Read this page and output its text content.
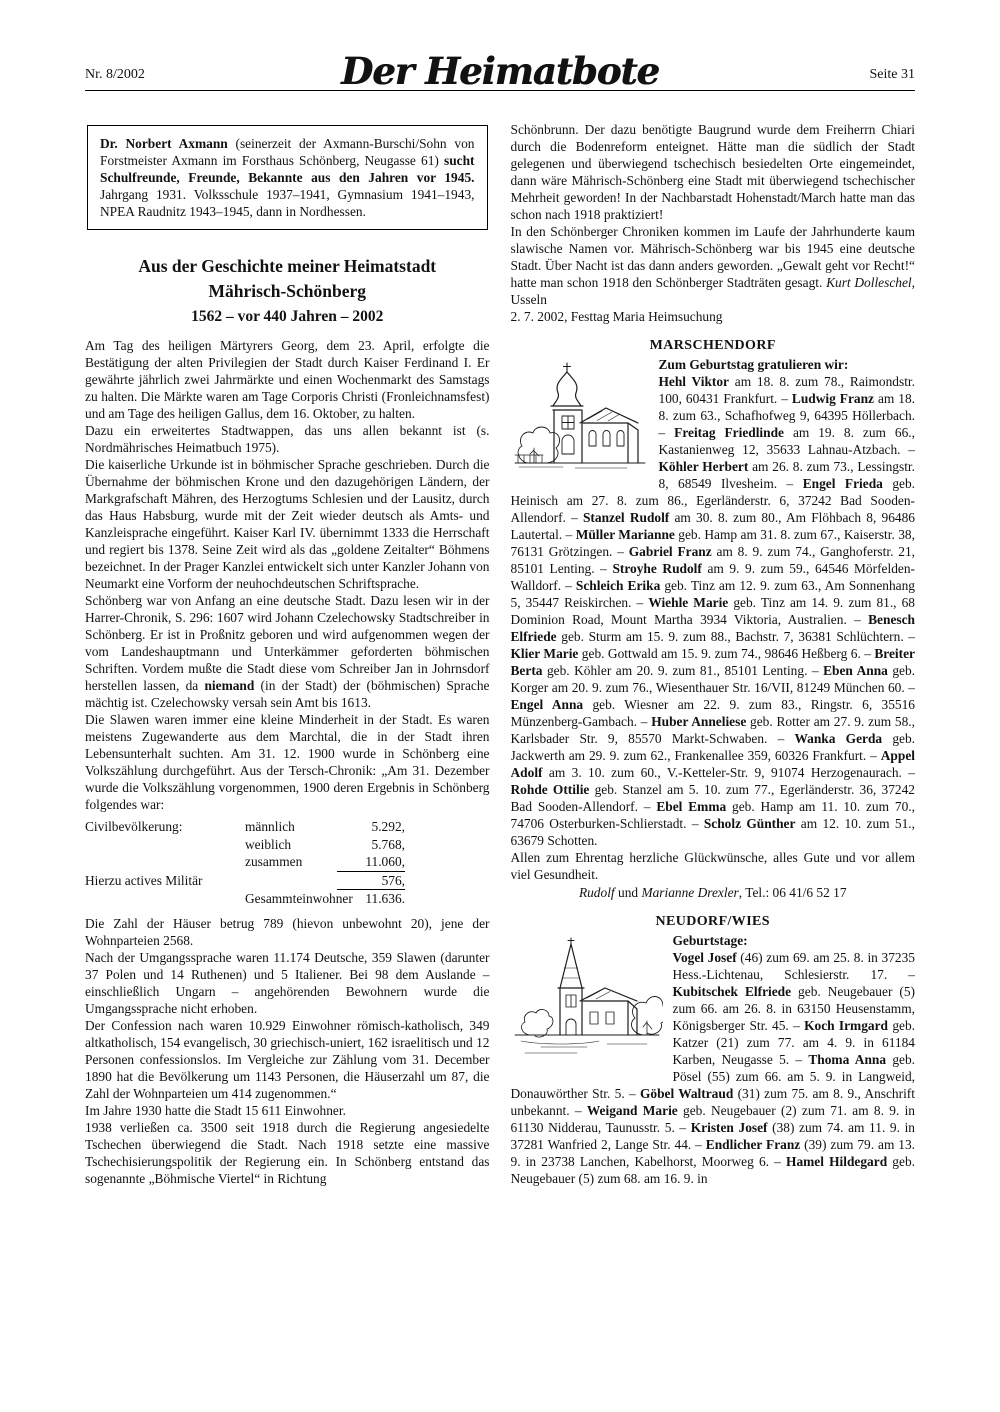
Nr. 8/2002	Der Heimatbote	Seite 31

Dr. Norbert Axmann (seinerzeit der Axmann-Burschi/Sohn von Forstmeister Axmann im Forsthaus Schönberg, Neugasse 61) sucht Schulfreunde, Freunde, Bekannte aus den Jahren vor 1945. Jahrgang 1931. Volksschule 1937–1941, Gymnasium 1941–1943, NPEA Raudnitz 1943–1945, dann in Nordhessen.

Aus der Geschichte meiner Heimatstadt
Mährisch-Schönberg
1562 – vor 440 Jahren – 2002

Am Tag des heiligen Märtyrers Georg, dem 23. April, erfolgte die Bestätigung der alten Privilegien der Stadt durch Kaiser Ferdinand I. Er gewährte jährlich zwei Jahrmärkte und einen Wochenmarkt des Samstags zu halten. Die Märkte waren am Tage Corporis Christi (Fronleichnamsfest) und am Tage des heiligen Gallus, dem 16. Oktober, zu halten.

Dazu ein erweitertes Stadtwappen, das uns allen bekannt ist (s. Nordmährisches Heimatbuch 1975).

Die kaiserliche Urkunde ist in böhmischer Sprache geschrieben. Durch die Übernahme der böhmischen Krone und den dazugehörigen Ländern, der Markgrafschaft Mähren, des Herzogtums Schlesien und der Lausitz, durch das Haus Habsburg, wurde mit der Zeit wieder deutsch als Amts- und Kanzleisprache eingeführt. Kaiser Karl IV. übernimmt 1333 die Herrschaft und regiert bis 1378. Seine Zeit wird als das „goldene Zeitalter“ Böhmens bezeichnet. In der Prager Kanzlei entwickelt sich unter Kanzler Johann von Neumarkt eine Vorform der neuhochdeutschen Schriftsprache.

Schönberg war von Anfang an eine deutsche Stadt. Dazu lesen wir in der Harrer-Chronik, S. 296: 1607 wird Johann Czelechowsky Stadtschreiber in Schönberg. Er ist in Proßnitz geboren und wird aufgenommen wegen der vom Landeshauptmann und Unterkämmer geforderten böhmischen Schriften. Vordem mußte die Stadt diese vom Schreiber Jan in Johrnsdorf herstellen lassen, da niemand (in der Stadt) der (böhmischen) Sprache mächtig ist. Czelechowsky versah sein Amt bis 1613.

Die Slawen waren immer eine kleine Minderheit in der Stadt. Es waren meistens Zugewanderte aus dem Marchtal, die in der Stadt ihren Lebensunterhalt suchten. Am 31. 12. 1900 wurde in Schönberg eine Volkszählung durchgeführt. Aus der Tersch-Chronik: „Am 31. Dezember wurde die Volkszählung vorgenommen, 1900 deren Ergebnis in Schönberg folgendes war:

Civilbevölkerung:	männlich	5.292,
	weiblich	5.768,
	zusammen	11.060,
Hierzu actives Militär		576,
	Gesammteinwohner	11.636.

Die Zahl der Häuser betrug 789 (hievon unbewohnt 20), jene der Wohnparteien 2568.

Nach der Umgangssprache waren 11.174 Deutsche, 359 Slawen (darunter 37 Polen und 14 Ruthenen) und 5 Italiener. Bei 98 dem Auslande – einschließlich Ungarn – angehörenden Bewohnern wurde die Umgangssprache nicht erhoben.

Der Confession nach waren 10.929 Einwohner römisch-katholisch, 349 altkatholisch, 154 evangelisch, 30 griechisch-uniert, 162 israelitisch und 12 Personen confessionslos. Im Vergleiche zur Zählung vom 31. December 1890 hat die Bevölkerung um 1143 Personen, die Häuserzahl um 87, die Zahl der Wohnparteien um 414 zugenommen.“

Im Jahre 1930 hatte die Stadt 15 611 Einwohner.

1938 verließen ca. 3500 seit 1918 durch die Regierung angesiedelte Tschechen überwiegend die Stadt. Nach 1918 setzte eine massive Tschechisierungspolitik der Regierung ein. In Schönberg entstand das sogenannte „Böhmische Viertel“ in Richtung

Schönbrunn. Der dazu benötigte Baugrund wurde dem Freiherrn Chiari durch die Bodenreform enteignet. Hätte man die südlich der Stadt gelegenen und überwiegend tschechisch besiedelten Orte eingemeindet, dann wäre Mährisch-Schönberg eine Stadt mit überwiegend tschechischer Mehrheit geworden! In der Nachbarstadt Hohenstadt/March hatte man das schon nach 1918 praktiziert!

In den Schönberger Chroniken kommen im Laufe der Jahrhunderte kaum slawische Namen vor. Mährisch-Schönberg war bis 1945 eine deutsche Stadt. Über Nacht ist das dann anders geworden. „Gewalt geht vor Recht!“ hatte man schon 1918 den Schönberger Stadträten gesagt. Kurt Dolleschel, Usseln

2. 7. 2002, Festtag Maria Heimsuchung

MARSCHENDORF

Zum Geburtstag gratulieren wir:

Hehl Viktor am 18. 8. zum 78., Raimondstr. 100, 60431 Frankfurt. – Ludwig Franz am 18. 8. zum 63., Schafhofweg 9, 64395 Höllerbach. – Freitag Friedlinde am 19. 8. zum 66., Kastanienweg 12, 35633 Lahnau-Atzbach. – Köhler Herbert am 26. 8. zum 73., Lessingstr. 8, 68549 Ilvesheim. – Engel Frieda geb. Heinisch am 27. 8. zum 86., Egerländerstr. 6, 37242 Bad Sooden-Allendorf. – Stanzel Rudolf am 30. 8. zum 80., Am Flöhbach 8, 96486 Lautertal. – Müller Marianne geb. Hamp am 31. 8. zum 67., Kaiserstr. 38, 76131 Grötzingen. – Gabriel Franz am 8. 9. zum 74., Ganghoferstr. 21, 85101 Lenting. – Stroyhe Rudolf am 9. 9. zum 59., 64546 Mörfelden-Walldorf. – Schleich Erika geb. Tinz am 12. 9. zum 63., Am Sonnenhang 5, 35447 Reiskirchen. – Wiehle Marie geb. Tinz am 14. 9. zum 81., 68 Dominion Road, Mount Martha 3934 Viktoria, Australien. – Benesch Elfriede geb. Sturm am 15. 9. zum 88., Bachstr. 7, 36381 Schlüchtern. – Klier Marie geb. Gottwald am 15. 9. zum 74., 98646 Heßberg 6. – Breiter Berta geb. Köhler am 20. 9. zum 81., 85101 Lenting. – Eben Anna geb. Korger am 20. 9. zum 76., Wiesenthauer Str. 16/VII, 81249 München 60. – Engel Anna geb. Wiesner am 22. 9. zum 83., Ringstr. 6, 35516 Münzenberg-Gambach. – Huber Anneliese geb. Rotter am 27. 9. zum 58., Karlsbader Str. 9, 85570 Markt-Schwaben. – Wanka Gerda geb. Jackwerth am 29. 9. zum 62., Frankenallee 359, 60326 Frankfurt. – Appel Adolf am 3. 10. zum 60., V.-Ketteler-Str. 9, 91074 Herzogenaurach. – Rohde Ottilie geb. Stanzel am 5. 10. zum 77., Egerländerstr. 36, 37242 Bad Sooden-Allendorf. – Ebel Emma geb. Hamp am 11. 10. zum 70., 74706 Osterburken-Schlierstadt. – Scholz Günther am 12. 10. zum 51., 63679 Schotten.

Allen zum Ehrentag herzliche Glückwünsche, alles Gute und vor allem viel Gesundheit.

Rudolf und Marianne Drexler, Tel.: 06 41/6 52 17

NEUDORF/WIES

Geburtstage:

Vogel Josef (46) zum 69. am 25. 8. in 37235 Hess.-Lichtenau, Schlesierstr. 17. – Kubitschek Elfriede geb. Neugebauer (5) zum 66. am 26. 8. in 63150 Heusenstamm, Königsberger Str. 45. – Koch Irmgard geb. Katzer (21) zum 77. am 4. 9. in 61184 Karben, Neugasse 5. – Thoma Anna geb. Pösel (55) zum 66. am 5. 9. in Langweid, Donauwörther Str. 5. – Göbel Waltraud (31) zum 75. am 8. 9., Anschrift unbekannt. – Weigand Marie geb. Neugebauer (2) zum 71. am 8. 9. in 61130 Nidderau, Taunusstr. 5. – Kristen Josef (38) zum 74. am 11. 9. in 37281 Wanfried 2, Lange Str. 44. – Endlicher Franz (39) zum 79. am 13. 9. in 23738 Lanchen, Kabelhorst, Moorweg 6. – Hamel Hildegard geb. Neugebauer (5) zum 68. am 16. 9. in
